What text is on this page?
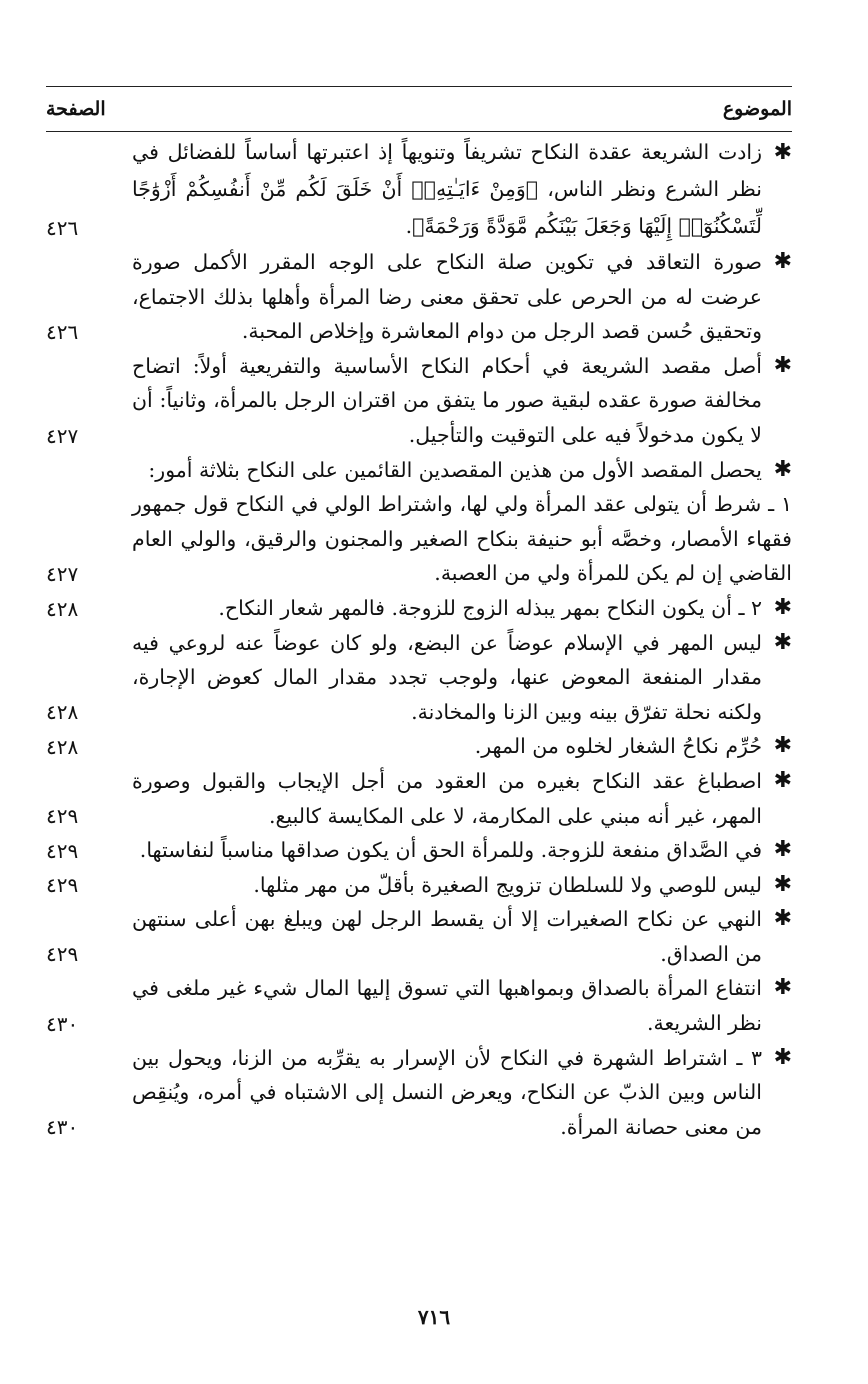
الصفحة	الموضوع
✱
زادت الشريعة عقدة النكاح تشريفاً وتنويهاً إذ اعتبرتها أساساً للفضائل في نظر الشرع ونظر الناس، ﴿وَمِنْ ءَايَـٰتِهِۦٓ أَنْ خَلَقَ لَكُم مِّنْ أَنفُسِكُمْ أَزْوَٰجًا لِّتَسْكُنُوٓا۟ إِلَيْهَا وَجَعَلَ بَيْنَكُم مَّوَدَّةً وَرَحْمَةً﴾.
٤٢٦
✱
صورة التعاقد في تكوين صلة النكاح على الوجه المقرر الأكمل صورة عرضت له من الحرص على تحقق معنى رضا المرأة وأهلها بذلك الاجتماع، وتحقيق حُسن قصد الرجل من دوام المعاشرة وإخلاص المحبة.
٤٢٦
✱
أصل مقصد الشريعة في أحكام النكاح الأساسية والتفريعية أولاً: اتضاح مخالفة صورة عقده لبقية صور ما يتفق من اقتران الرجل بالمرأة، وثانياً: أن لا يكون مدخولاً فيه على التوقيت والتأجيل.
٤٢٧
✱
يحصل المقصد الأول من هذين المقصدين القائمين على النكاح بثلاثة أمور:
١ ـ شرط أن يتولى عقد المرأة ولي لها، واشتراط الولي في النكاح قول جمهور فقهاء الأمصار، وخصَّه أبو حنيفة بنكاح الصغير والمجنون والرقيق، والولي العام القاضي إن لم يكن للمرأة ولي من العصبة.
٤٢٧
✱
٢ ـ أن يكون النكاح بمهر يبذله الزوج للزوجة. فالمهر شعار النكاح.
٤٢٨
✱
ليس المهر في الإسلام عوضاً عن البضع، ولو كان عوضاً عنه لروعي فيه مقدار المنفعة المعوض عنها، ولوجب تجدد مقدار المال كعوض الإجارة، ولكنه نحلة تفرّق بينه وبين الزنا والمخادنة.
٤٢٨
✱
حُرِّم نكاحُ الشغار لخلوه من المهر.
٤٢٨
✱
اصطباغ عقد النكاح بغيره من العقود من أجل الإيجاب والقبول وصورة المهر، غير أنه مبني على المكارمة، لا على المكايسة كالبيع.
٤٢٩
✱
في الصَّداق منفعة للزوجة. وللمرأة الحق أن يكون صداقها مناسباً لنفاستها.
٤٢٩
✱
ليس للوصي ولا للسلطان تزويج الصغيرة بأقلّ من مهر مثلها.
٤٢٩
✱
النهي عن نكاح الصغيرات إلا أن يقسط الرجل لهن ويبلغ بهن أعلى سنتهن من الصداق.
٤٢٩
✱
انتفاع المرأة بالصداق وبمواهبها التي تسوق إليها المال شيء غير ملغى في نظر الشريعة.
٤٣٠
✱
٣ ـ اشتراط الشهرة في النكاح لأن الإسرار به يقرِّبه من الزنا، ويحول بين الناس وبين الذبّ عن النكاح، ويعرض النسل إلى الاشتباه في أمره، ويُنقِص من معنى حصانة المرأة.
٤٣٠
٧١٦
